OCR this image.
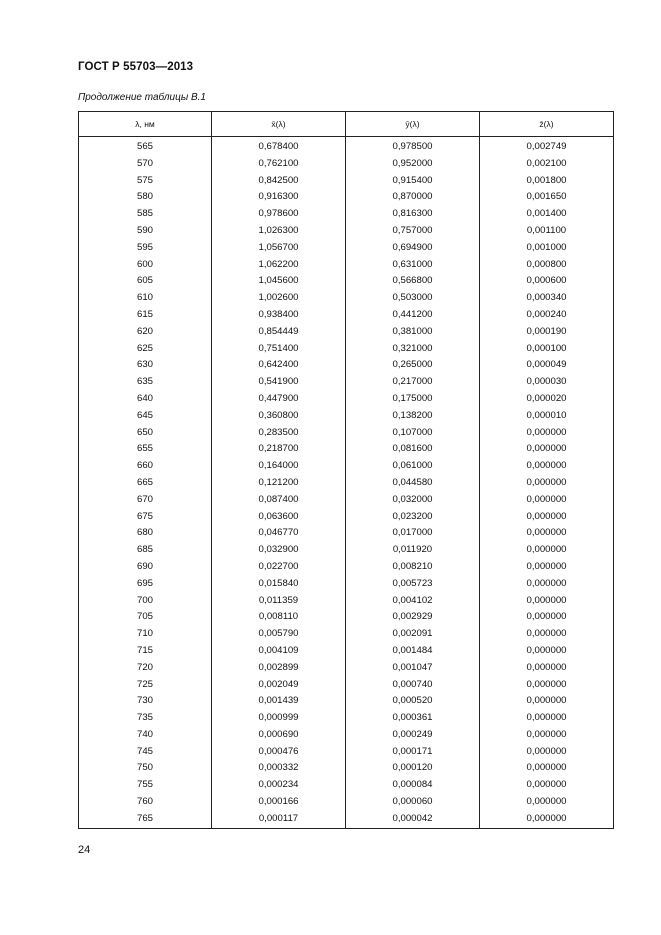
ГОСТ Р 55703—2013
Продолжение таблицы В.1
λ, нм	x̄(λ)	ȳ(λ)	z̄(λ)
565	0,678400	0,978500	0,002749
570	0,762100	0,952000	0,002100
575	0,842500	0,915400	0,001800
580	0,916300	0,870000	0,001650
585	0,978600	0,816300	0,001400
590	1,026300	0,757000	0,001100
595	1,056700	0,694900	0,001000
600	1,062200	0,631000	0,000800
605	1,045600	0,566800	0,000600
610	1,002600	0,503000	0,000340
615	0,938400	0,441200	0,000240
620	0,854449	0,381000	0,000190
625	0,751400	0,321000	0,000100
630	0,642400	0,265000	0,000049
635	0,541900	0,217000	0,000030
640	0,447900	0,175000	0,000020
645	0,360800	0,138200	0,000010
650	0,283500	0,107000	0,000000
655	0,218700	0,081600	0,000000
660	0,164000	0,061000	0,000000
665	0,121200	0,044580	0,000000
670	0,087400	0,032000	0,000000
675	0,063600	0,023200	0,000000
680	0,046770	0,017000	0,000000
685	0,032900	0,011920	0,000000
690	0,022700	0,008210	0,000000
695	0,015840	0,005723	0,000000
700	0,011359	0,004102	0,000000
705	0,008110	0,002929	0,000000
710	0,005790	0,002091	0,000000
715	0,004109	0,001484	0,000000
720	0,002899	0,001047	0,000000
725	0,002049	0,000740	0,000000
730	0,001439	0,000520	0,000000
735	0,000999	0,000361	0,000000
740	0,000690	0,000249	0,000000
745	0,000476	0,000171	0,000000
750	0,000332	0,000120	0,000000
755	0,000234	0,000084	0,000000
760	0,000166	0,000060	0,000000
765	0,000117	0,000042	0,000000
24
